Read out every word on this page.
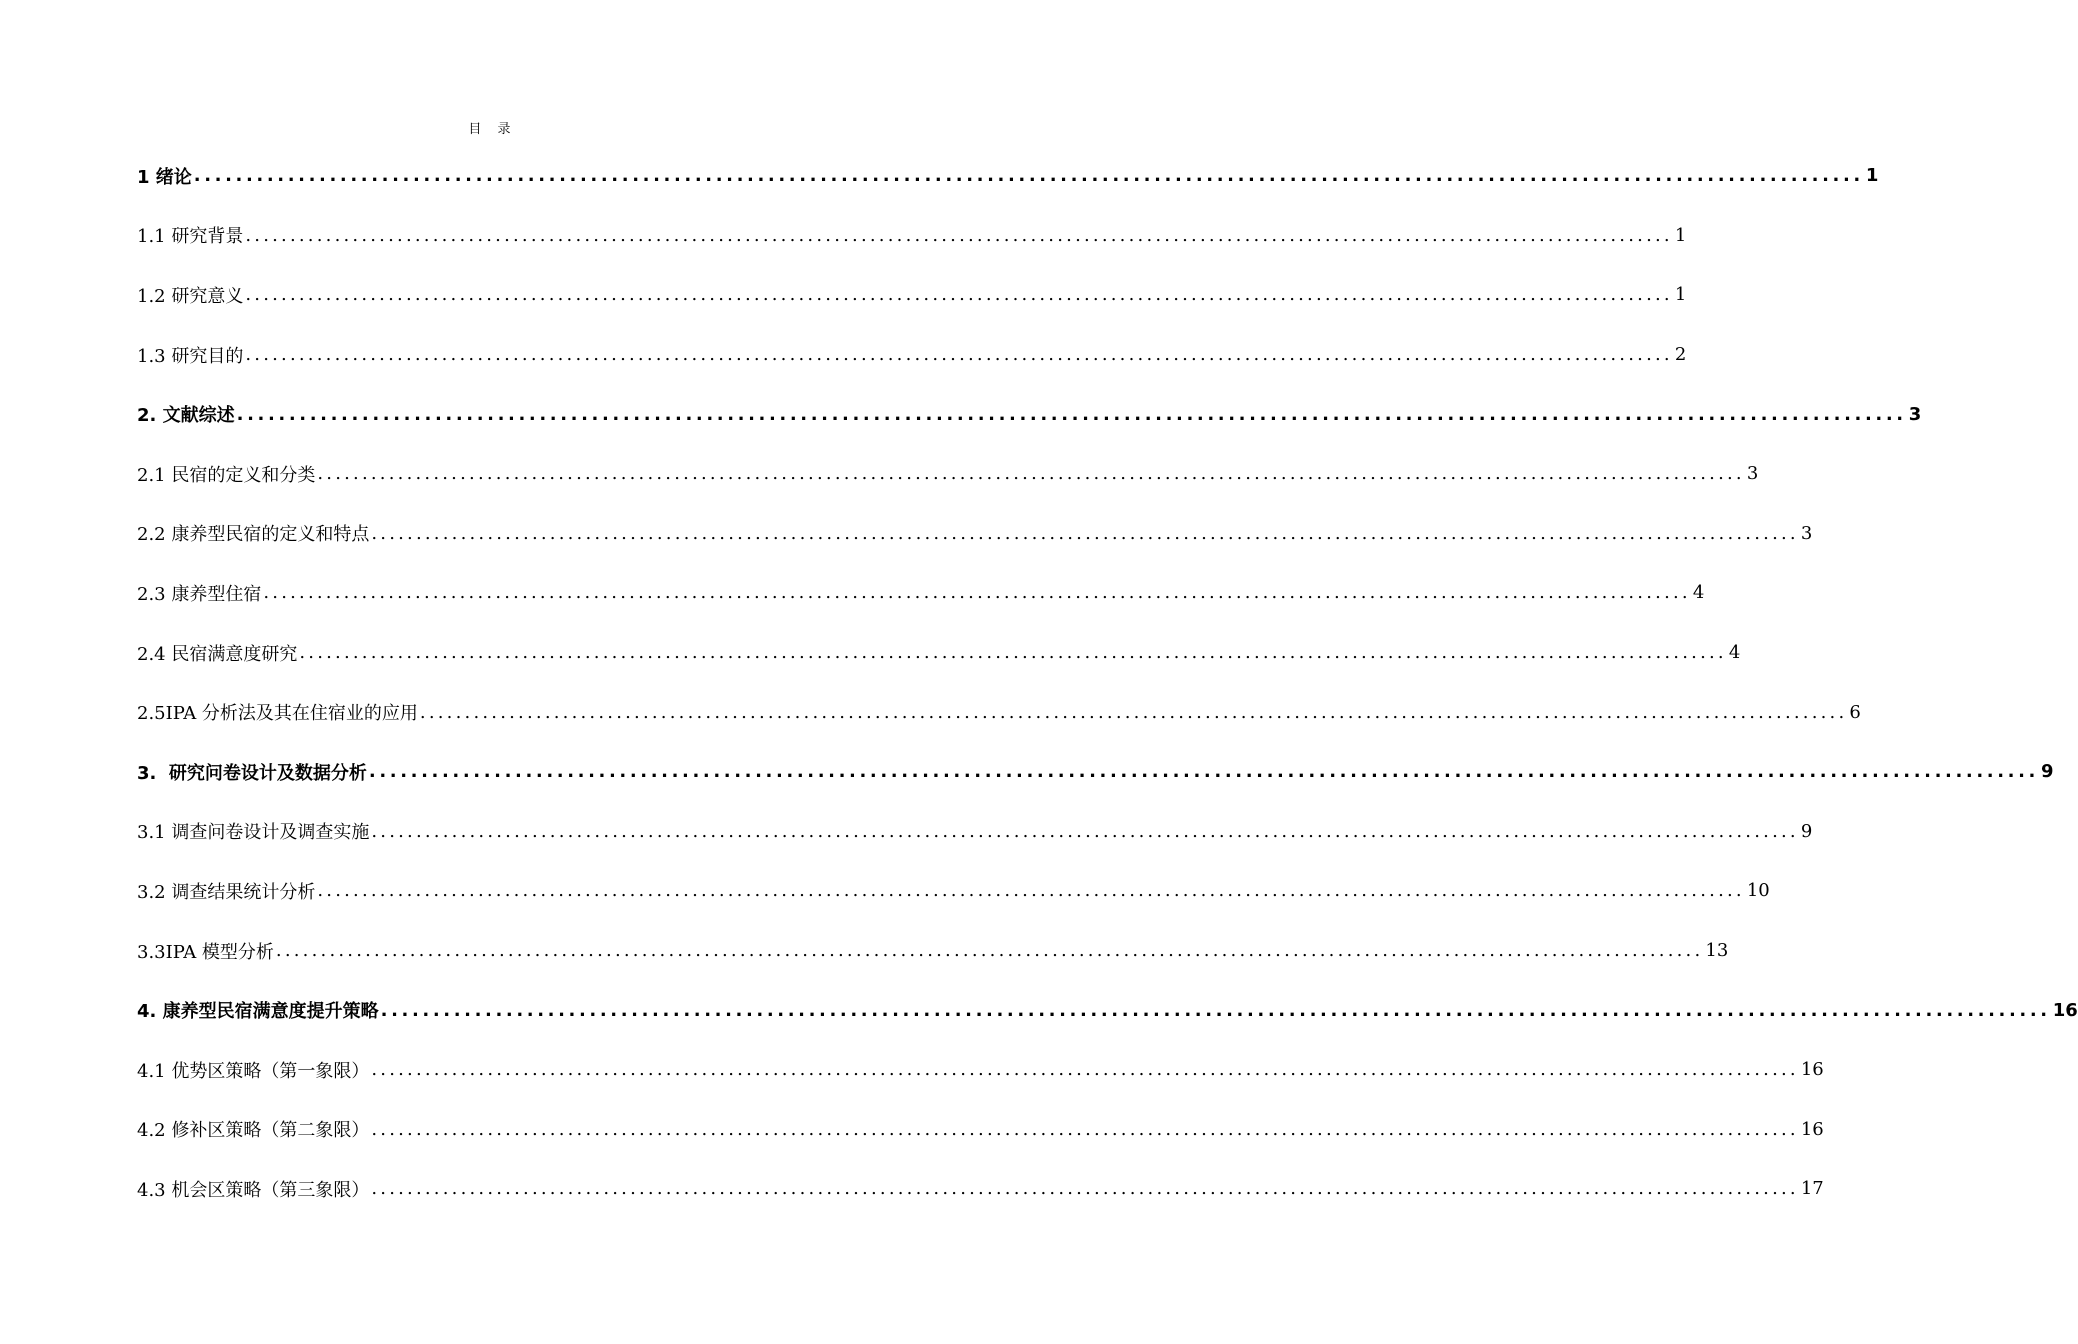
目 录
1 绪论 ................................................................................................................................................................ 1
1.1 研究背景 ................................................................................................................................................................ 1
1.2 研究意义 ................................................................................................................................................................ 1
1.3 研究目的 ................................................................................................................................................................ 2
2. 文献综述 ................................................................................................................................................................ 3
2.1 民宿的定义和分类 ................................................................................................................................................................ 3
2.2 康养型民宿的定义和特点 ................................................................................................................................................................ 3
2.3 康养型住宿 ................................................................................................................................................................ 4
2.4 民宿满意度研究 ................................................................................................................................................................ 4
2.5IPA 分析法及其在住宿业的应用 ................................................................................................................................................................ 6
3.  研究问卷设计及数据分析 ................................................................................................................................................................ 9
3.1 调查问卷设计及调查实施 ................................................................................................................................................................ 9
3.2 调查结果统计分析 ................................................................................................................................................................ 10
3.3IPA 模型分析 ................................................................................................................................................................ 13
4. 康养型民宿满意度提升策略 ................................................................................................................................................................ 16
4.1 优势区策略（第一象限） ................................................................................................................................................................ 16
4.2 修补区策略（第二象限） ................................................................................................................................................................ 16
4.3 机会区策略（第三象限） ................................................................................................................................................................ 17
